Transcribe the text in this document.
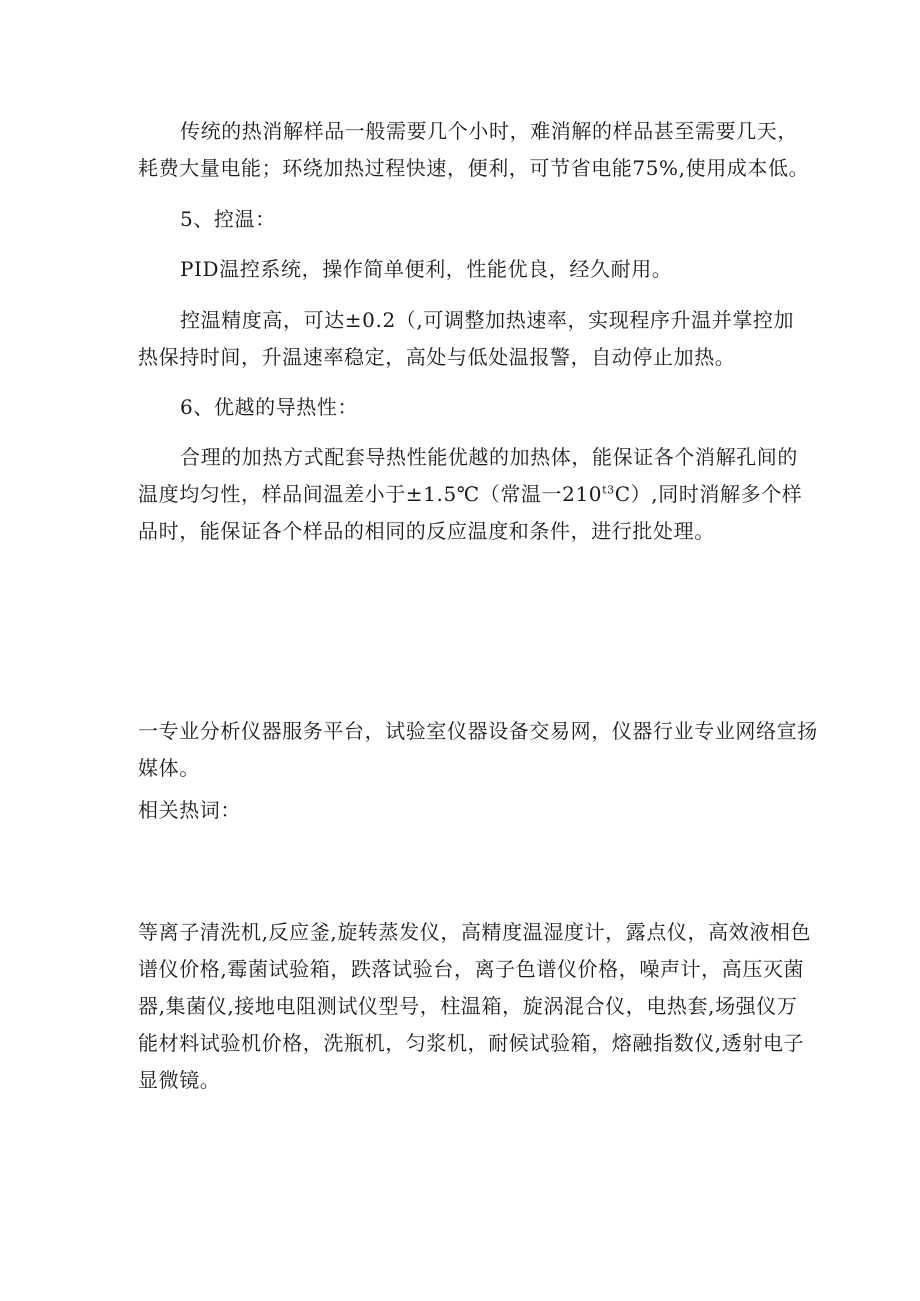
传统的热消解样品一般需要几个小时，难消解的样品甚至需要几天，
耗费大量电能；环绕加热过程快速，便利，可节省电能75%,使用成本低。
5、控温：
PID温控系统，操作简单便利，性能优良，经久耐用。
控温精度高，可达±0.2（,可调整加热速率，实现程序升温并掌控加
热保持时间，升温速率稳定，高处与低处温报警，自动停止加热。
6、优越的导热性：
合理的加热方式配套导热性能优越的加热体，能保证各个消解孔间的
温度均匀性，样品间温差小于±1.5℃（常温一$210^{t3}C$）,同时消解多个样
品时，能保证各个样品的相同的反应温度和条件，进行批处理。
一专业分析仪器服务平台，试验室仪器设备交易网，仪器行业专业网络宣扬
媒体。
相关热词：
等离子清洗机,反应釜,旋转蒸发仪，高精度温湿度计，露点仪，高效液相色
谱仪价格,霉菌试验箱，跌落试验台，离子色谱仪价格，噪声计，高压灭菌
器,集菌仪,接地电阻测试仪型号，柱温箱，旋涡混合仪，电热套,场强仪万
能材料试验机价格，洗瓶机，匀浆机，耐候试验箱，熔融指数仪,透射电子
显微镜。
